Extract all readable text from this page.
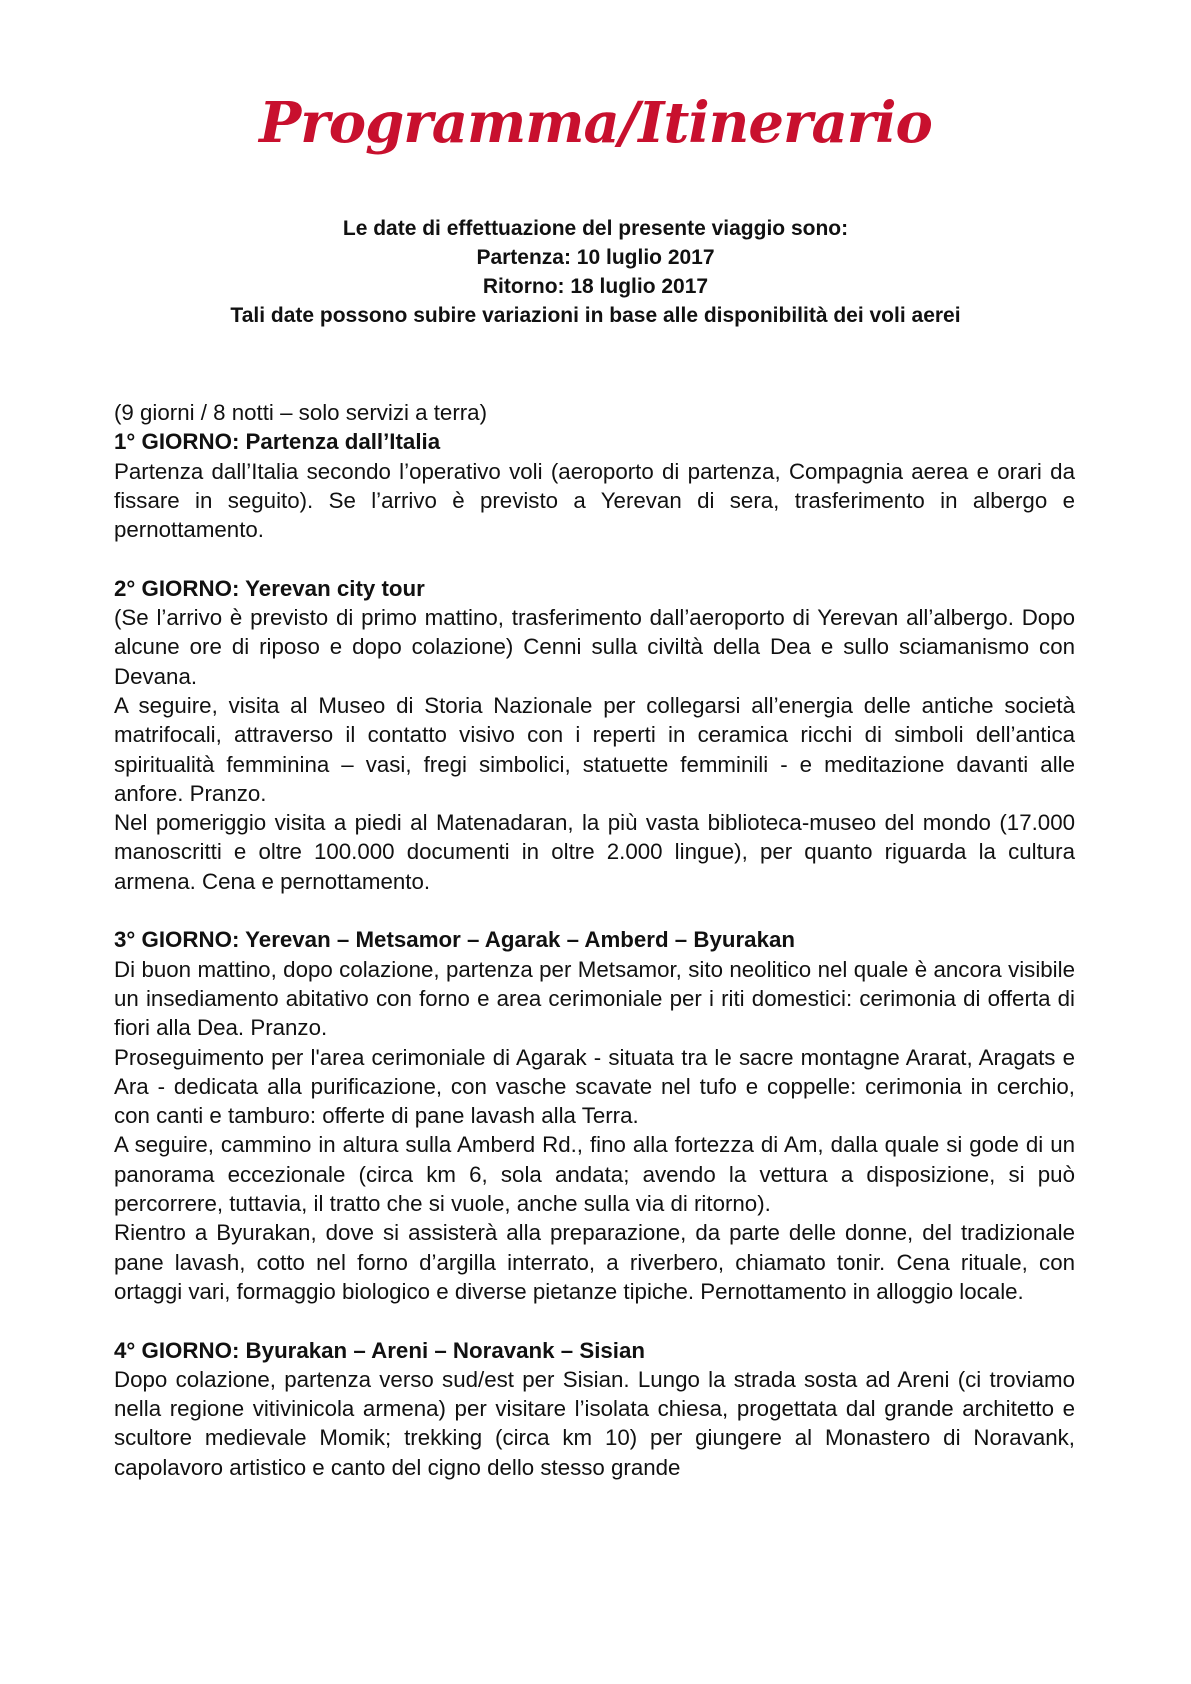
Programma/Itinerario
Le date di effettuazione del presente viaggio sono:
Partenza: 10 luglio 2017
Ritorno: 18 luglio 2017
Tali date possono subire variazioni in base alle disponibilità dei voli aerei

(9 giorni / 8 notti – solo servizi a terra)

1° GIORNO: Partenza dall’Italia

Partenza dall’Italia secondo l’operativo voli (aeroporto di partenza, Compagnia aerea e orari da fissare in seguito). Se l’arrivo è previsto a Yerevan di sera, trasferimento in albergo e pernottamento.

2° GIORNO: Yerevan city tour

(Se l’arrivo è previsto di primo mattino, trasferimento dall’aeroporto di Yerevan all’albergo. Dopo alcune ore di riposo e dopo colazione) Cenni sulla civiltà della Dea e sullo sciamanismo con Devana.

A seguire, visita al Museo di Storia Nazionale per collegarsi all’energia delle antiche società matrifocali, attraverso il contatto visivo con i reperti in ceramica ricchi di simboli dell’antica spiritualità femminina – vasi, fregi simbolici, statuette femminili - e meditazione davanti alle anfore. Pranzo.

Nel pomeriggio visita a piedi al Matenadaran, la più vasta biblioteca-museo del mondo (17.000 manoscritti e oltre 100.000 documenti in oltre 2.000 lingue), per quanto riguarda la cultura armena. Cena e pernottamento.

3° GIORNO: Yerevan – Metsamor – Agarak – Amberd – Byurakan

Di buon mattino, dopo colazione, partenza per Metsamor, sito neolitico nel quale è ancora visibile un insediamento abitativo con forno e area cerimoniale per i riti domestici: cerimonia di offerta di fiori alla Dea. Pranzo.

Proseguimento per l'area cerimoniale di Agarak - situata tra le sacre montagne Ararat, Aragats e Ara - dedicata alla purificazione, con vasche scavate nel tufo e coppelle: cerimonia in cerchio, con canti e tamburo: offerte di pane lavash alla Terra.

A seguire, cammino in altura sulla Amberd Rd., fino alla fortezza di Am, dalla quale si gode di un panorama eccezionale (circa km 6, sola andata; avendo la vettura a disposizione, si può percorrere, tuttavia, il tratto che si vuole, anche sulla via di ritorno).

Rientro a Byurakan, dove si assisterà alla preparazione, da parte delle donne, del tradizionale pane lavash, cotto nel forno d’argilla interrato, a riverbero, chiamato tonir. Cena rituale, con ortaggi vari, formaggio biologico e diverse pietanze tipiche. Pernottamento in alloggio locale.

4° GIORNO: Byurakan – Areni – Noravank – Sisian

Dopo colazione, partenza verso sud/est per Sisian. Lungo la strada sosta ad Areni (ci troviamo nella regione vitivinicola armena) per visitare l’isolata chiesa, progettata dal grande architetto e scultore medievale Momik; trekking (circa km 10) per giungere al Monastero di Noravank, capolavoro artistico e canto del cigno dello stesso grande
